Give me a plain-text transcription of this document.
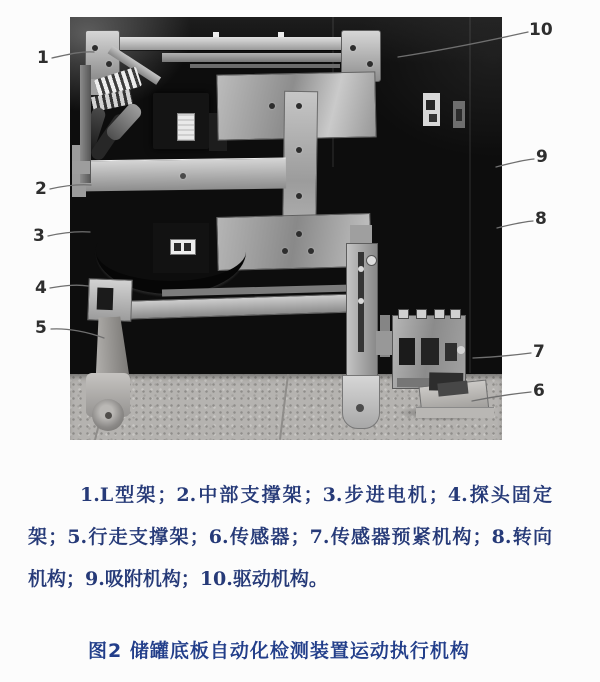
1
2
3
4
5
6
7
8
9
10
1.L型架；2.中部支撑架；3.步进电机；4.探头固定
架；5.行走支撑架；6.传感器；7.传感器预紧机构；8.转向
机构；9.吸附机构；10.驱动机构。
图2 储罐底板自动化检测装置运动执行机构
